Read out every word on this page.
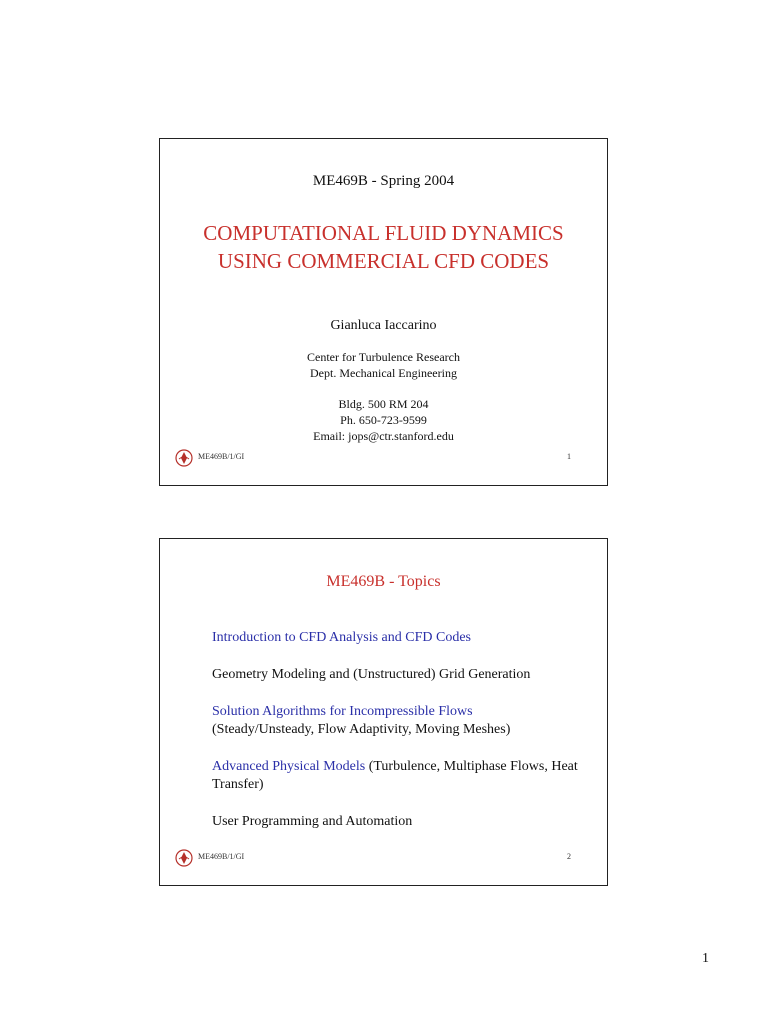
ME469B - Spring 2004
COMPUTATIONAL FLUID DYNAMICS
USING COMMERCIAL CFD CODES
Gianluca Iaccarino
Center for Turbulence Research
Dept. Mechanical Engineering
Bldg. 500 RM 204
Ph. 650-723-9599
Email: jops@ctr.stanford.edu
ME469B/1/GI	1
ME469B - Topics
Introduction to CFD Analysis and CFD Codes
Geometry Modeling and (Unstructured) Grid Generation
Solution Algorithms for Incompressible Flows
(Steady/Unsteady, Flow Adaptivity, Moving Meshes)
Advanced Physical Models (Turbulence, Multiphase Flows, Heat Transfer)
User Programming and Automation
ME469B/1/GI	2
1
